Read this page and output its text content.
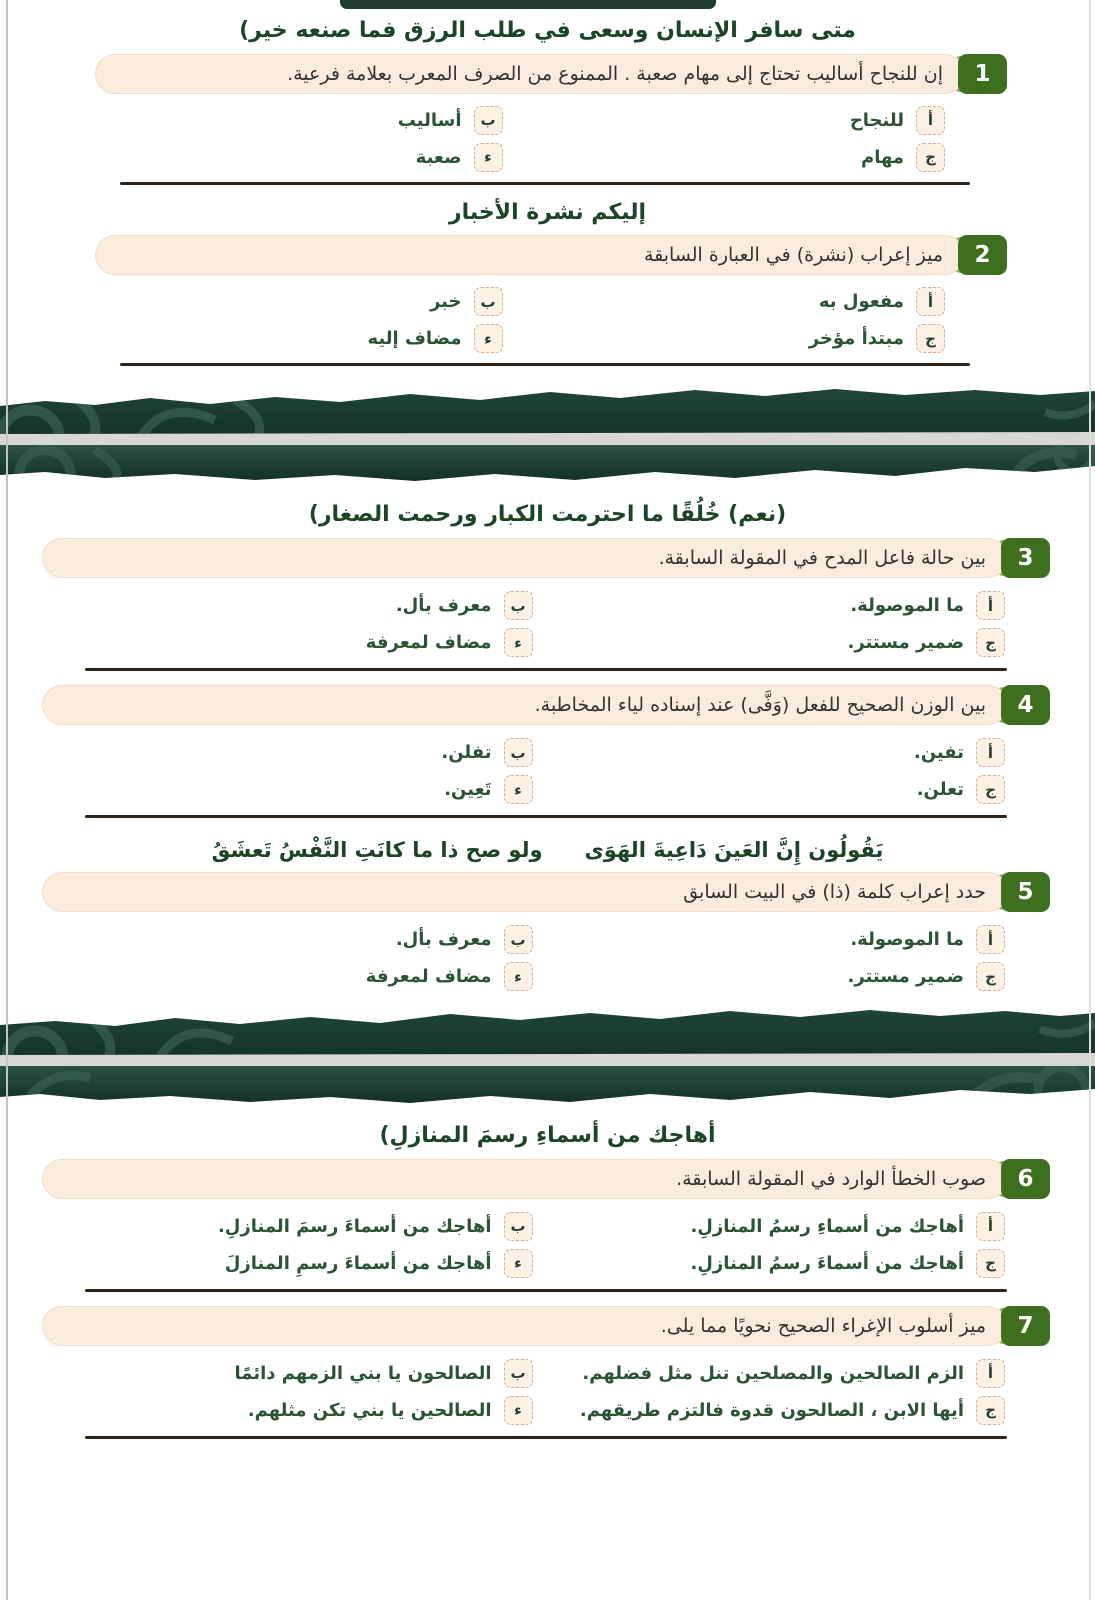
متى سافر الإنسان وسعى في طلب الرزق فما صنعه خير)
1
إن للنجاح أساليب تحتاج إلى مهام صعبة . الممنوع من الصرف المعرب بعلامة فرعية.
أ
للنجاح
ب
أساليب
ج
مهام
ء
صعبة
إليكم نشرة الأخبار
2
ميز إعراب (نشرة) في العبارة السابقة
أ
مفعول به
ب
خبر
ج
مبتدأ مؤخر
ء
مضاف إليه
(نعم) خُلُقًا ما احترمت الكبار ورحمت الصغار)
3
بين حالة فاعل المدح في المقولة السابقة.
أ
ما الموصولة.
ب
معرف بأل.
ج
ضمير مستتر.
ء
مضاف لمعرفة
4
بين الوزن الصحيح للفعل (وَفَّى) عند إسناده لياء المخاطبة.
أ
تفين.
ب
تفلن.
ج
تعلن.
ء
تَعِين.
يَقُولُون إِنَّ العَينَ دَاعِيةَ الهَوَى
ولو صح ذا ما كانَتِ النَّفْسُ تَعشَقُ
5
حدد إعراب كلمة (ذا) في البيت السابق
أ
ما الموصولة.
ب
معرف بأل.
ج
ضمير مستتر.
ء
مضاف لمعرفة
أهاجك من أسماءِ رسمَ المنازلِ)
6
صوب الخطأ الوارد في المقولة السابقة.
أ
أهاجك من أسماءِ رسمُ المنازلِ.
ب
أهاجك من أسماءَ رسمَ المنازلِ.
ج
أهاجك من أسماءَ رسمُ المنازلِ.
ء
أهاجك من أسماءَ رسمِ المنازلَ
7
ميز أسلوب الإغراء الصحيح نحويًا مما يلى.
أ
الزم الصالحين والمصلحين تنل مثل فضلهم.
ب
الصالحون يا بني الزمهم دائمًا
ج
أيها الابن ، الصالحون قدوة فالتزم طريقهم.
ء
الصالحين يا بني تكن مثلهم.
